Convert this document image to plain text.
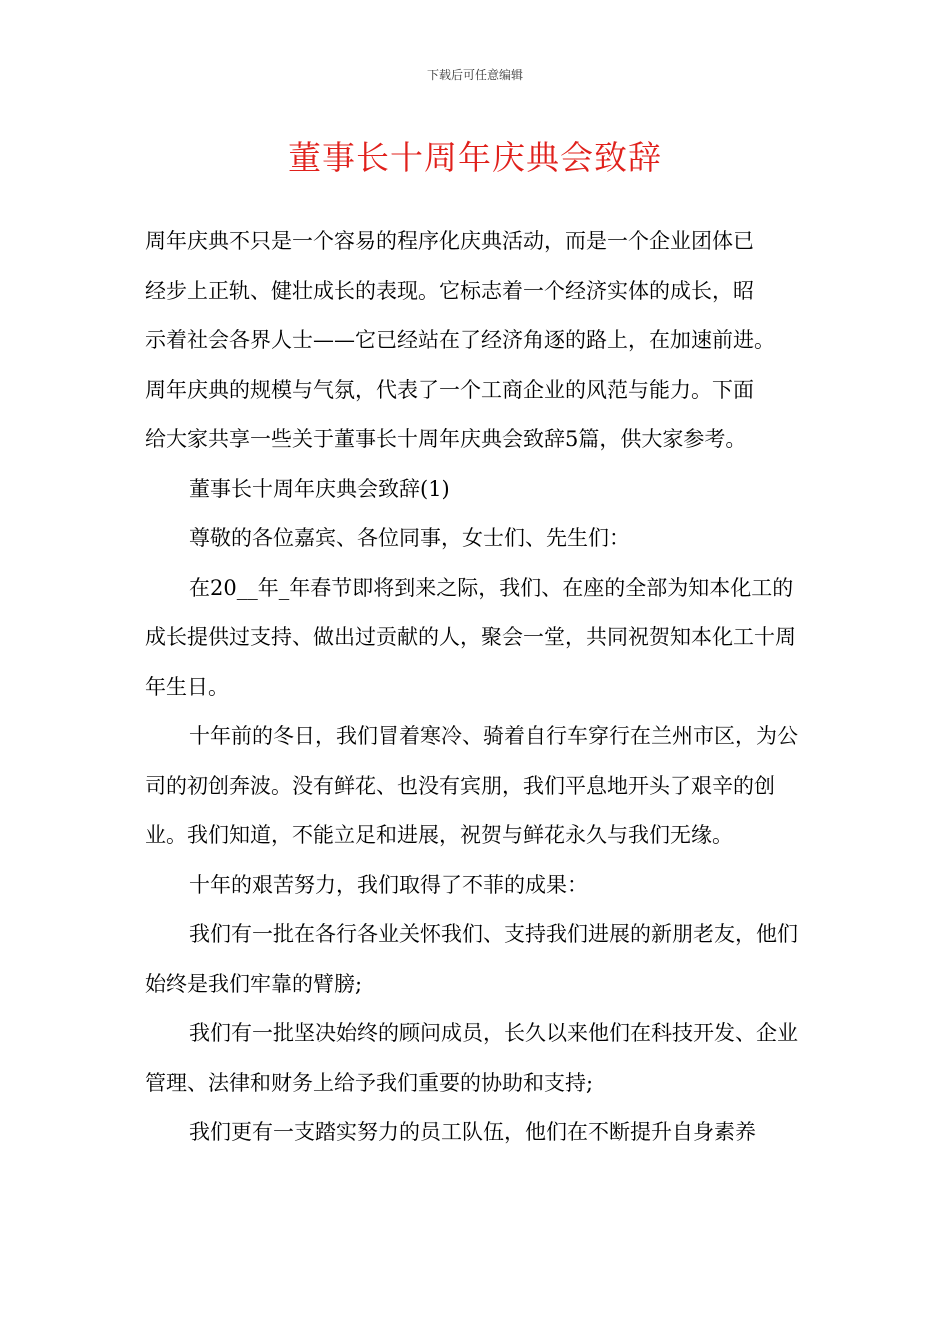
下载后可任意编辑
董事长十周年庆典会致辞

周年庆典不只是一个容易的程序化庆典活动，而是一个企业团体已
经步上正轨、健壮成长的表现。它标志着一个经济实体的成长，昭
示着社会各界人士——它已经站在了经济角逐的路上，在加速前进。
周年庆典的规模与气氛，代表了一个工商企业的风范与能力。下面
给大家共享一些关于董事长十周年庆典会致辞5篇，供大家参考。

董事长十周年庆典会致辞(1)

尊敬的各位嘉宾、各位同事，女士们、先生们：

在20__年_年春节即将到来之际，我们、在座的全部为知本化工的成长提供过支持、做出过贡献的人，聚会一堂，共同祝贺知本化工十周年生日。

十年前的冬日，我们冒着寒冷、骑着自行车穿行在兰州市区，为公司的初创奔波。没有鲜花、也没有宾朋，我们平息地开头了艰辛的创业。我们知道，不能立足和进展，祝贺与鲜花永久与我们无缘。

十年的艰苦努力，我们取得了不菲的成果：

我们有一批在各行各业关怀我们、支持我们进展的新朋老友，他们始终是我们牢靠的臂膀;

我们有一批坚决始终的顾问成员，长久以来他们在科技开发、企业管理、法律和财务上给予我们重要的协助和支持;

我们更有一支踏实努力的员工队伍，他们在不断提升自身素养
